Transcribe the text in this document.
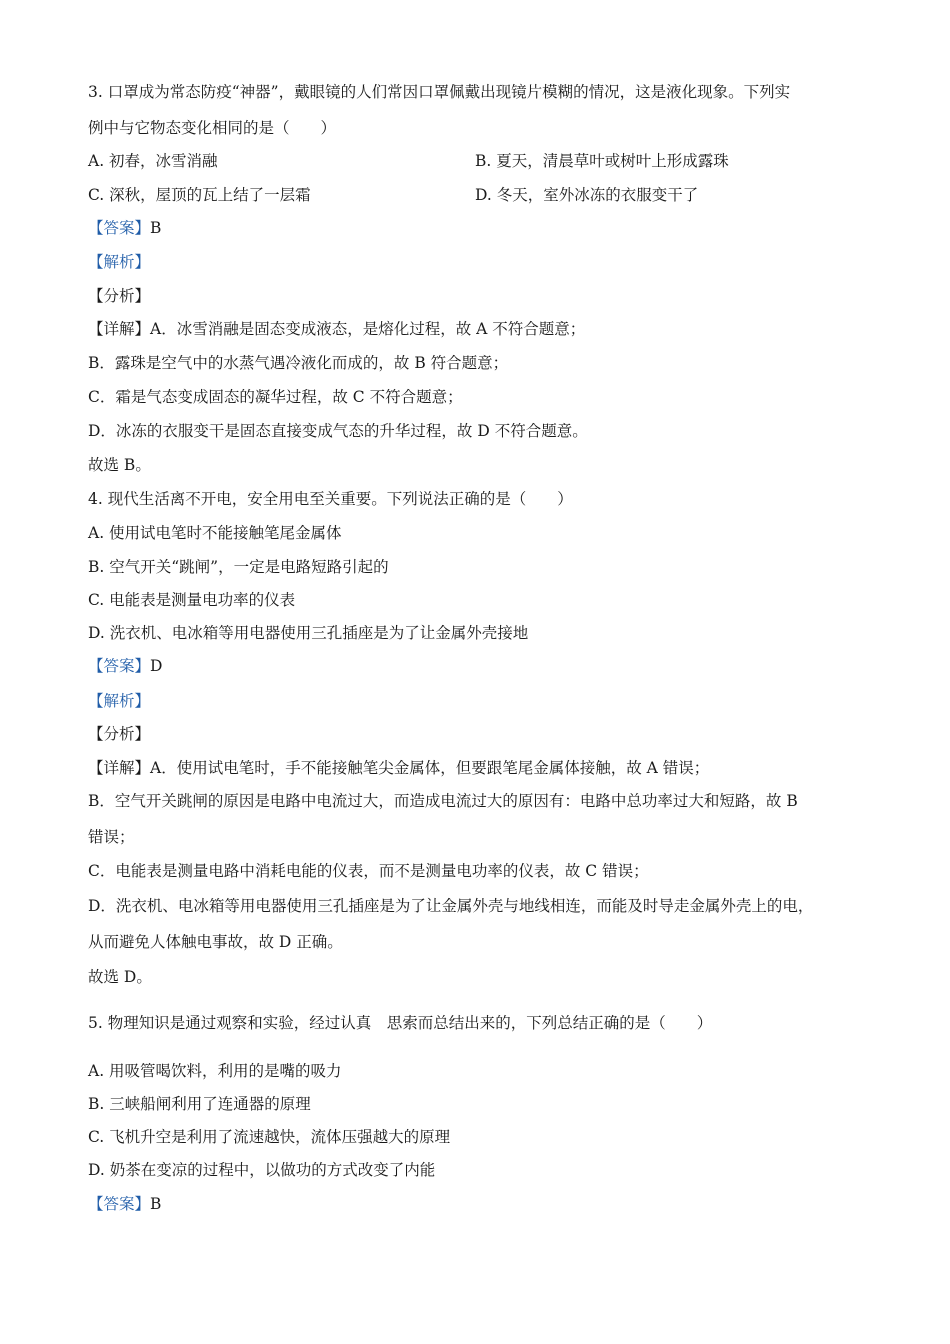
3. 口罩成为常态防疫“神器”，戴眼镜的人们常因口罩佩戴出现镜片模糊的情况，这是液化现象。下列实
例中与它物态变化相同的是（　　）
A. 初春，冰雪消融	B. 夏天，清晨草叶或树叶上形成露珠
C. 深秋，屋顶的瓦上结了一层霜	D. 冬天，室外冰冻的衣服变干了
【答案】B
【解析】
【分析】
【详解】A．冰雪消融是固态变成液态，是熔化过程，故 A 不符合题意；
B．露珠是空气中的水蒸气遇冷液化而成的，故 B 符合题意；
C．霜是气态变成固态的凝华过程，故 C 不符合题意；
D．冰冻的衣服变干是固态直接变成气态的升华过程，故 D 不符合题意。
故选 B。
4. 现代生活离不开电，安全用电至关重要。下列说法正确的是（　　）
A. 使用试电笔时不能接触笔尾金属体
B. 空气开关“跳闸”，一定是电路短路引起的
C. 电能表是测量电功率的仪表
D. 洗衣机、电冰箱等用电器使用三孔插座是为了让金属外壳接地
【答案】D
【解析】
【分析】
【详解】A．使用试电笔时，手不能接触笔尖金属体，但要跟笔尾金属体接触，故 A 错误；
B．空气开关跳闸的原因是电路中电流过大，而造成电流过大的原因有：电路中总功率过大和短路，故 B
错误；
C．电能表是测量电路中消耗电能的仪表，而不是测量电功率的仪表，故 C 错误；
D．洗衣机、电冰箱等用电器使用三孔插座是为了让金属外壳与地线相连，而能及时导走金属外壳上的电，
从而避免人体触电事故，故 D 正确。
故选 D。
5. 物理知识是通过观察和实验，经过认真　思索而总结出来的，下列总结正确的是（　　）
A. 用吸管喝饮料，利用的是嘴的吸力
B. 三峡船闸利用了连通器的原理
C. 飞机升空是利用了流速越快，流体压强越大的原理
D. 奶茶在变凉的过程中，以做功的方式改变了内能
【答案】B
